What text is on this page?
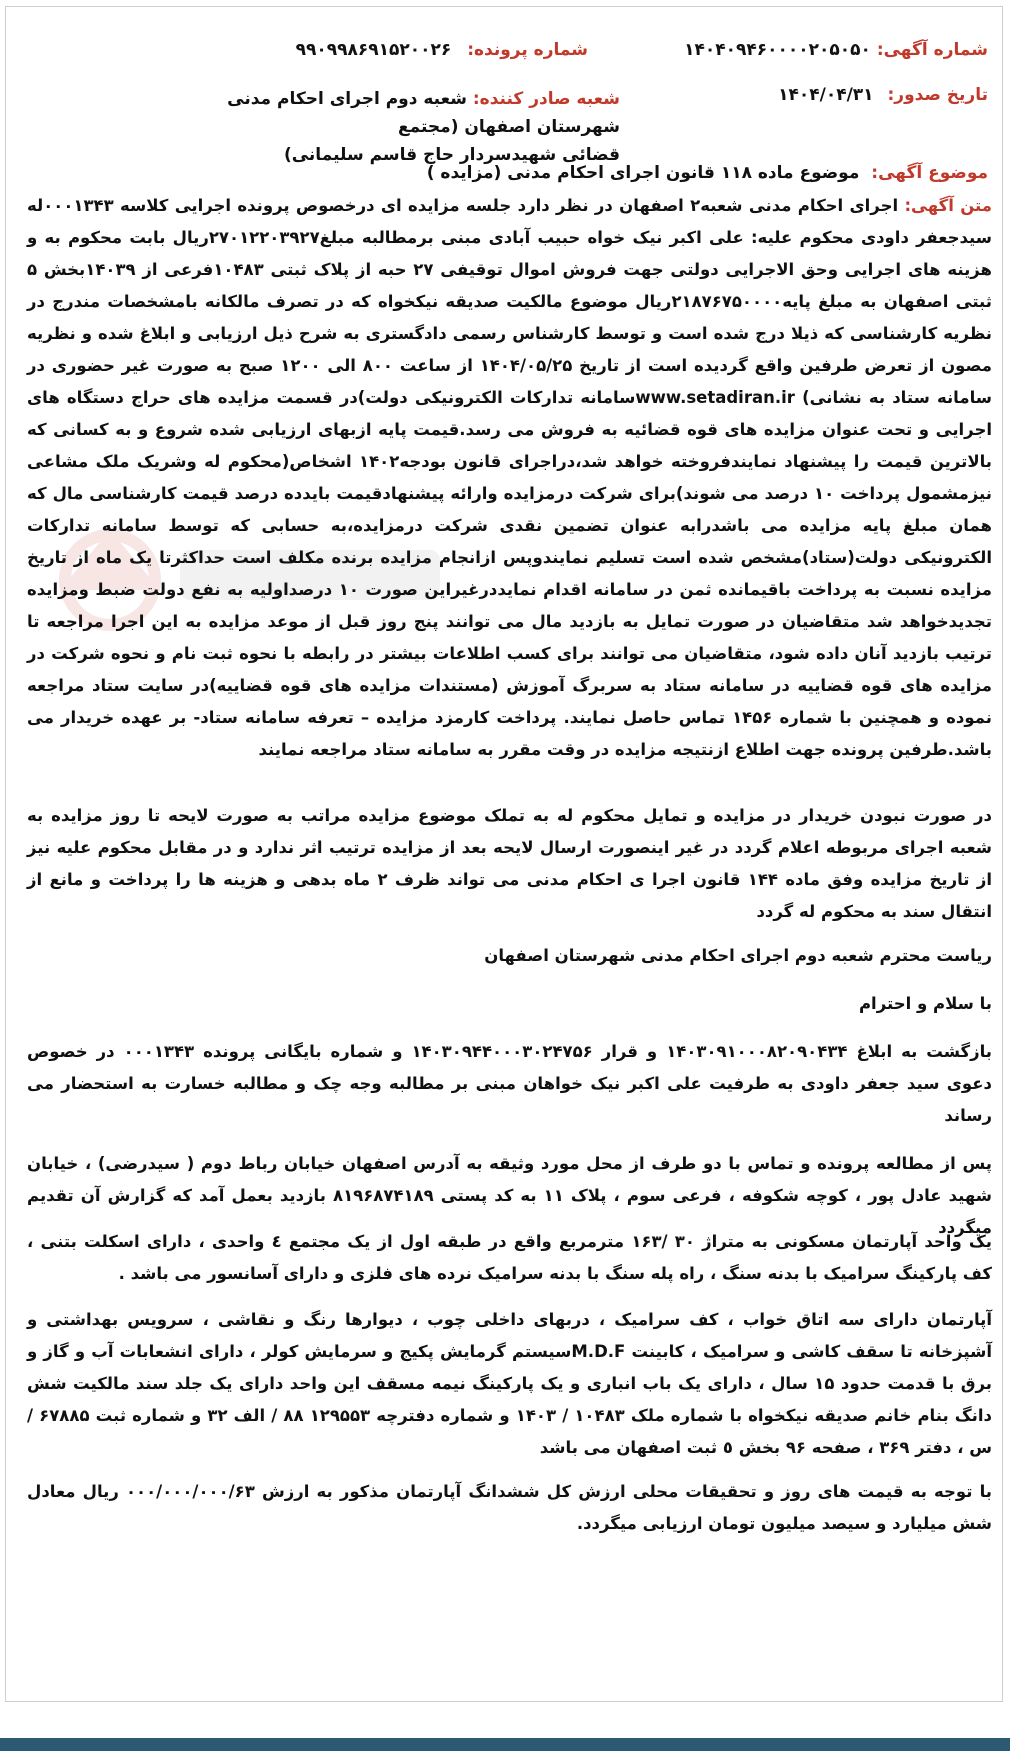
شماره آگهی: ۱۴۰۴۰۹۴۶۰۰۰۰۲۰۵۰۵۰
شماره پرونده: ۹۹۰۹۹۸۶۹۱۵۲۰۰۲۶
تاریخ صدور: ۱۴۰۴/۰۴/۳۱
شعبه صادر کننده: شعبه دوم اجرای احکام مدنی شهرستان اصفهان (مجتمع
قضائی شهیدسردار حاج قاسم سلیمانی)
موضوع آگهی: موضوع ماده ۱۱۸ قانون اجرای احکام مدنی (مزایده )
متن آگهی: اجرای احکام مدنی شعبه۲ اصفهان در نظر دارد جلسه مزایده ای درخصوص پرونده اجرایی کلاسه ۰۰۰۱۳۴۳له سیدجعفر داودی محکوم علیه: علی اکبر نیک خواه حبیب آبادی مبنی برمطالبه مبلغ۲۷۰۱۲۲۰۳۹۲۷ریال بابت محکوم به و هزینه های اجرایی وحق الاجرایی دولتی جهت فروش اموال توقیفی ۲۷ حبه از پلاک ثبتی ۱۰۴۸۳فرعی از ۱۴۰۳۹بخش ۵ ثبتی اصفهان به مبلغ پایه۲۱۸۷۶۷۵۰۰۰۰ریال موضوع مالکیت صدیقه نیکخواه که در تصرف مالکانه بامشخصات مندرج در نظریه کارشناسی که ذیلا درج شده است و توسط کارشناس رسمی دادگستری به شرح ذیل ارزیابی و ابلاغ شده و نظریه مصون از تعرض طرفین واقع گردیده است از تاریخ ۱۴۰۴/۰۵/۲۵ از ساعت ۸۰۰ الی ۱۲۰۰ صبح به صورت غیر حضوری در سامانه ستاد به نشانی) www.setadiran.irسامانه تدارکات الکترونیکی دولت)در قسمت مزایده های حراج دستگاه های اجرایی و تحت عنوان مزایده های قوه قضائیه به فروش می رسد.قیمت پایه ازبهای ارزیابی شده شروع و به کسانی که بالاترین قیمت را پیشنهاد نمایندفروخته خواهد شد،دراجرای قانون بودجه۱۴۰۲ اشخاص(محکوم له وشریک ملک مشاعی نیزمشمول پرداخت ۱۰ درصد می شوند)برای شرکت درمزایده وارائه پیشنهادقیمت بایدده درصد قیمت کارشناسی مال که همان مبلغ پایه مزایده می باشدرابه عنوان تضمین نقدی شرکت درمزایده،به حسابی که توسط سامانه تدارکات الکترونیکی دولت(ستاد)مشخص شده است تسلیم نمایندوپس ازانجام مزایده برنده مکلف است حداکثرتا یک ماه از تاریخ مزایده نسبت به پرداخت باقیمانده ثمن در سامانه اقدام نمایددرغیراین صورت ۱۰ درصداولیه به نفع دولت ضبط ومزایده تجدیدخواهد شد متقاضیان در صورت تمایل به بازدید مال می توانند پنج روز قبل از موعد مزایده به این اجرا مراجعه تا ترتیب بازدید آنان داده شود، متقاضیان می توانند برای کسب اطلاعات بیشتر در رابطه با نحوه ثبت نام و نحوه شرکت در مزایده های قوه قضاییه در سامانه ستاد به سربرگ آموزش (مستندات مزایده های قوه قضاییه)در سایت ستاد مراجعه نموده و همچنین با شماره ۱۴۵۶ تماس حاصل نمایند. پرداخت کارمزد مزایده – تعرفه سامانه ستاد- بر عهده خریدار می باشد.طرفین پرونده جهت اطلاع ازنتیجه مزایده در وقت مقرر به سامانه ستاد مراجعه نمایند
در صورت نبودن خریدار در مزایده و تمایل محکوم له به تملک موضوع مزایده مراتب به صورت لایحه تا روز مزایده به شعبه اجرای مربوطه اعلام گردد در غیر اینصورت ارسال لایحه بعد از مزایده ترتیب اثر ندارد و در مقابل محکوم علیه نیز از تاریخ مزایده وفق ماده ۱۴۴ قانون اجرا ی احکام مدنی می تواند ظرف ۲ ماه بدهی و هزینه ها را پرداخت و مانع از انتقال سند به محکوم له گردد
ریاست محترم شعبه دوم اجرای احکام مدنی شهرستان اصفهان
با سلام و احترام
بازگشت به ابلاغ ۱۴۰۳۰۹۱۰۰۰۸۲۰۹۰۴۳۴ و قرار ۱۴۰۳۰۹۴۴۰۰۰۳۰۲۴۷۵۶ و شماره بایگانی پرونده ۰۰۰۱۳۴۳ در خصوص دعوی سید جعفر داودی به طرفیت علی اکبر نیک خواهان مبنی بر مطالبه وجه چک و مطالبه خسارت به استحضار می رساند
پس از مطالعه پرونده و تماس با دو طرف از محل مورد وثیقه به آدرس اصفهان خیابان رباط دوم ( سیدرضی) ، خیابان شهید عادل پور ، کوچه شکوفه ، فرعی سوم ، پلاک ۱۱ به کد پستی ۸۱۹۶۸۷۴۱۸۹ بازدید بعمل آمد که گزارش آن تقدیم میگردد
یک واحد آپارتمان مسکونی به متراژ ۳۰ /۱۶۳ مترمربع واقع در طبقه اول از یک مجتمع ٤ واحدی ، دارای اسکلت بتنی ، کف پارکینگ سرامیک با بدنه سنگ ، راه پله سنگ با بدنه سرامیک نرده های فلزی و دارای آسانسور می باشد .
آپارتمان دارای سه اتاق خواب ، کف سرامیک ، دربهای داخلی چوب ، دیوارها رنگ و نقاشی ، سرویس بهداشتی و آشپزخانه تا سقف کاشی و سرامیک ، کابینت M.D.Fسیستم گرمایش پکیج و سرمایش کولر ، دارای انشعابات آب و گاز و برق با قدمت حدود ۱۵ سال ، دارای یک باب انباری و یک پارکینگ نیمه مسقف این واحد دارای یک جلد سند مالکیت شش دانگ بنام خانم صدیقه نیکخواه با شماره ملک ۱۰۴۸۳ / ۱۴۰۳ و شماره دفترچه ۱۲۹۵۵۳ ۸۸ / الف ۳۲ و شماره ثبت ۶۷۸۸۵ / س ، دفتر ۳۶۹ ، صفحه ۹۶ بخش ٥ ثبت اصفهان می باشد
با توجه به قیمت های روز و تحقیقات محلی ارزش کل ششدانگ آپارتمان مذکور به ارزش ۰۰۰/۰۰۰/۰۰۰/۶۳ ریال معادل شش میلیارد و سیصد میلیون تومان ارزیابی میگردد.
